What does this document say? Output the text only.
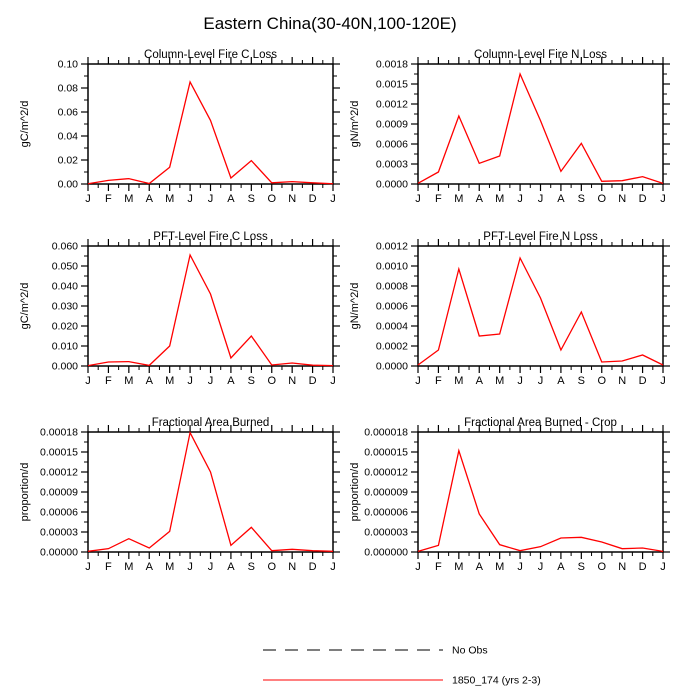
Eastern China(30-40N,100-120E)
Column-Level Fire C Loss
gC/m^2/d
0.00
0.02
0.04
0.06
0.08
0.10
J F M A M J J A S O N D J
Column-Level Fire N Loss
gN/m^2/d
0.0000
0.0003
0.0006
0.0009
0.0012
0.0015
0.0018
J F M A M J J A S O N D J
PFT-Level Fire C Loss
gC/m^2/d
0.000
0.010
0.020
0.030
0.040
0.050
0.060
J F M A M J J A S O N D J
PFT-Level Fire N Loss
gN/m^2/d
0.0000
0.0002
0.0004
0.0006
0.0008
0.0010
0.0012
J F M A M J J A S O N D J
Fractional Area Burned
proportion/d
0.00000
0.00003
0.00006
0.00009
0.00012
0.00015
0.00018
J F M A M J J A S O N D J
Fractional Area Burned - Crop
proportion/d
0.000000
0.000003
0.000006
0.000009
0.000012
0.000015
0.000018
J F M A M J J A S O N D J
No Obs
1850_174 (yrs 2-3)
